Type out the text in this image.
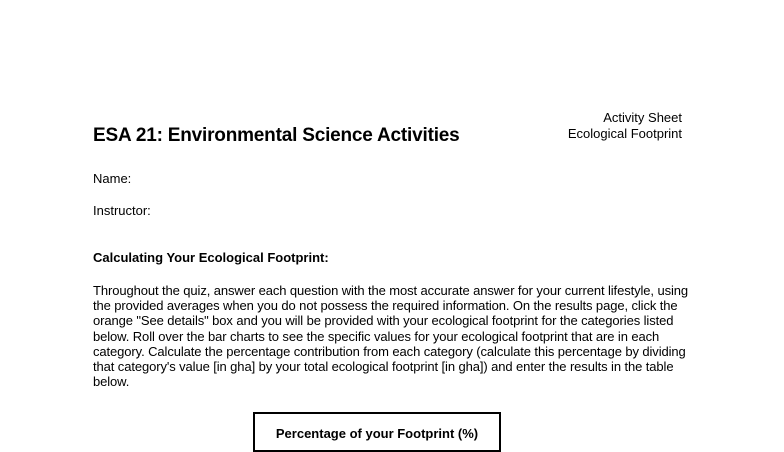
Activity Sheet
Ecological Footprint
ESA 21: Environmental Science Activities
Name:
Instructor:
Calculating Your Ecological Footprint:

Throughout the quiz, answer each question with the most accurate answer for your current lifestyle, using the provided averages when you do not possess the required information. On the results page, click the orange "See details" box and you will be provided with your ecological footprint for the categories listed below. Roll over the bar charts to see the specific values for your ecological footprint that are in each category. Calculate the percentage contribution from each category (calculate this percentage by dividing that category's value [in gha] by your total ecological footprint [in gha]) and enter the results in the table below.

Percentage of your Footprint (%)
